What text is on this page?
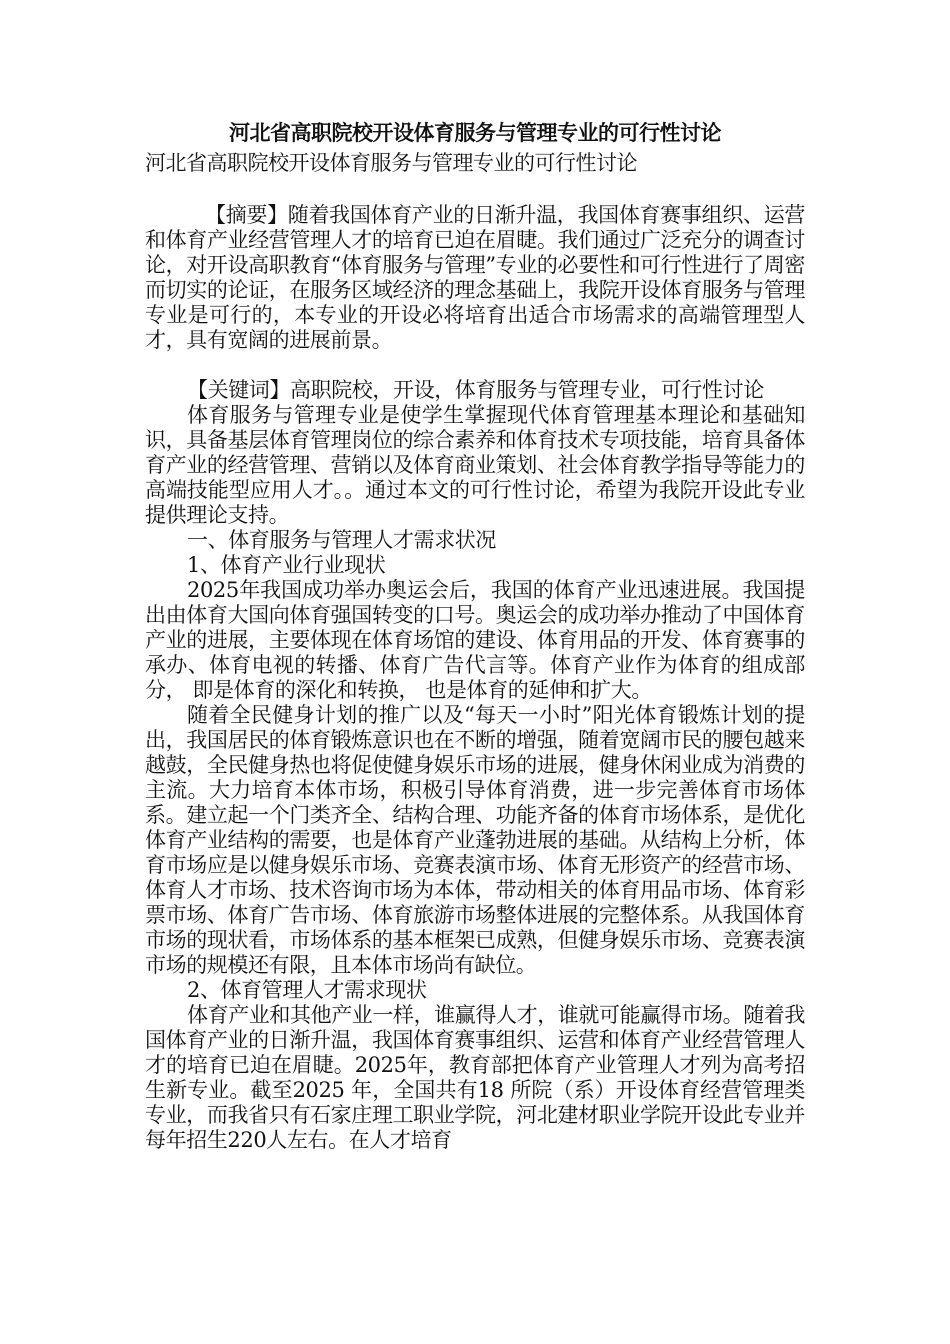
河北省高职院校开设体育服务与管理专业的可行性讨论

河北省高职院校开设体育服务与管理专业的可行性讨论

【摘要】随着我国体育产业的日渐升温，我国体育赛事组织、运营和体育产业经营管理人才的培育已迫在眉睫。我们通过广泛充分的调查讨论，对开设高职教育“体育服务与管理”专业的必要性和可行性进行了周密而切实的论证，在服务区域经济的理念基础上，我院开设体育服务与管理专业是可行的，本专业的开设必将培育出适合市场需求的高端管理型人才，具有宽阔的进展前景。

【关键词】高职院校，开设，体育服务与管理专业，可行性讨论

体育服务与管理专业是使学生掌握现代体育管理基本理论和基础知识，具备基层体育管理岗位的综合素养和体育技术专项技能，培育具备体育产业的经营管理、营销以及体育商业策划、社会体育教学指导等能力的高端技能型应用人才。。通过本文的可行性讨论，希望为我院开设此专业提供理论支持。

一、体育服务与管理人才需求状况

1、体育产业行业现状

2025年我国成功举办奥运会后，我国的体育产业迅速进展。我国提出由体育大国向体育强国转变的口号。奥运会的成功举办推动了中国体育产业的进展，主要体现在体育场馆的建设、体育用品的开发、体育赛事的承办、体育电视的转播、体育广告代言等。体育产业作为体育的组成部分， 即是体育的深化和转换， 也是体育的延伸和扩大。

随着全民健身计划的推广以及“每天一小时”阳光体育锻炼计划的提出，我国居民的体育锻炼意识也在不断的增强，随着宽阔市民的腰包越来越鼓，全民健身热也将促使健身娱乐市场的进展，健身休闲业成为消费的主流。大力培育本体市场，积极引导体育消费，进一步完善体育市场体系。建立起一个门类齐全、结构合理、功能齐备的体育市场体系，是优化体育产业结构的需要，也是体育产业蓬勃进展的基础。从结构上分析，体育市场应是以健身娱乐市场、竞赛表演市场、体育无形资产的经营市场、体育人才市场、技术咨询市场为本体，带动相关的体育用品市场、体育彩票市场、体育广告市场、体育旅游市场整体进展的完整体系。从我国体育市场的现状看，市场体系的基本框架已成熟，但健身娱乐市场、竞赛表演市场的规模还有限，且本体市场尚有缺位。

2、体育管理人才需求现状

体育产业和其他产业一样，谁赢得人才，谁就可能赢得市场。随着我国体育产业的日渐升温，我国体育赛事组织、运营和体育产业经营管理人才的培育已迫在眉睫。2025年，教育部把体育产业管理人才列为高考招生新专业。截至2025 年，全国共有18 所院（系）开设体育经营管理类专业，而我省只有石家庄理工职业学院，河北建材职业学院开设此专业并每年招生220人左右。在人才培育
